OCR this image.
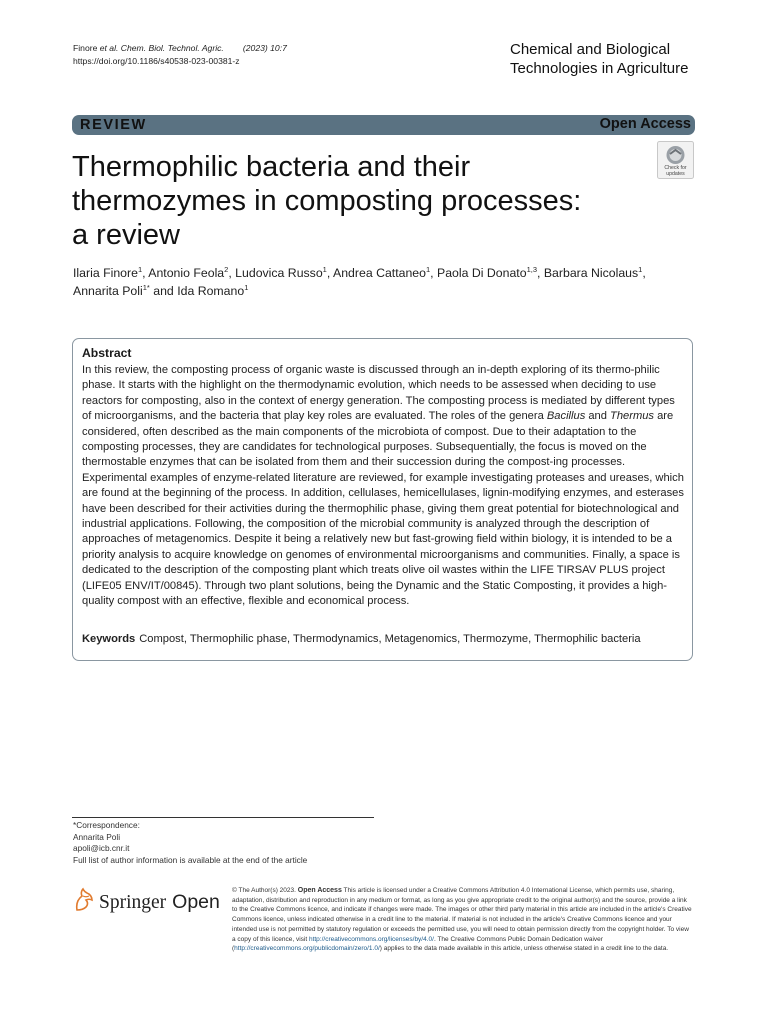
Finore et al. Chem. Biol. Technol. Agric. (2023) 10:7
https://doi.org/10.1186/s40538-023-00381-z
Chemical and Biological
Technologies in Agriculture
REVIEW	Open Access
Check for
updates
Thermophilic bacteria and their
thermozymes in composting processes:
a review
Ilaria Finore$^1$, Antonio Feola$^2$, Ludovica Russo$^1$, Andrea Cattaneo$^1$, Paola Di Donato$^{1,3}$, Barbara Nicolaus$^1$,
Annarita Poli$^{1*}$ and Ida Romano$^1$
Abstract
In this review, the composting process of organic waste is discussed through an in-depth exploring of its thermo-philic phase. It starts with the highlight on the thermodynamic evolution, which needs to be assessed when deciding to use reactors for composting, also in the context of energy generation. The composting process is mediated by different types of microorganisms, and the bacteria that play key roles are evaluated. The roles of the genera Bacillus and Thermus are considered, often described as the main components of the microbiota of compost. Due to their adaptation to the composting processes, they are candidates for technological purposes. Subsequentially, the focus is moved on the thermostable enzymes that can be isolated from them and their succession during the compost-ing processes. Experimental examples of enzyme-related literature are reviewed, for example investigating proteases and ureases, which are found at the beginning of the process. In addition, cellulases, hemicellulases, lignin-modifying enzymes, and esterases have been described for their activities during the thermophilic phase, giving them great potential for biotechnological and industrial applications. Following, the composition of the microbial community is analyzed through the description of approaches of metagenomics. Despite it being a relatively new but fast-growing field within biology, it is intended to be a priority analysis to acquire knowledge on genomes of environmental microorganisms and communities. Finally, a space is dedicated to the description of the composting plant which treats olive oil wastes within the LIFE TIRSAV PLUS project (LIFE05 ENV/IT/00845). Through two plant solutions, being the Dynamic and the Static Composting, it provides a high-quality compost with an effective, flexible and economical process.
Keywords Compost, Thermophilic phase, Thermodynamics, Metagenomics, Thermozyme, Thermophilic bacteria
*Correspondence:
Annarita Poli
apoli@icb.cnr.it
Full list of author information is available at the end of the article
Springer Open
© The Author(s) 2023. Open Access This article is licensed under a Creative Commons Attribution 4.0 International License, which permits use, sharing, adaptation, distribution and reproduction in any medium or format, as long as you give appropriate credit to the original author(s) and the source, provide a link to the Creative Commons licence, and indicate if changes were made. The images or other third party material in this article are included in the article's Creative Commons licence, unless indicated otherwise in a credit line to the material. If material is not included in the article's Creative Commons licence and your intended use is not permitted by statutory regulation or exceeds the permitted use, you will need to obtain permission directly from the copyright holder. To view a copy of this licence, visit http://creativecommons.org/licenses/by/4.0/. The Creative Commons Public Domain Dedication waiver (http://creativecommons.org/publicdomain/zero/1.0/) applies to the data made available in this article, unless otherwise stated in a credit line to the data.
